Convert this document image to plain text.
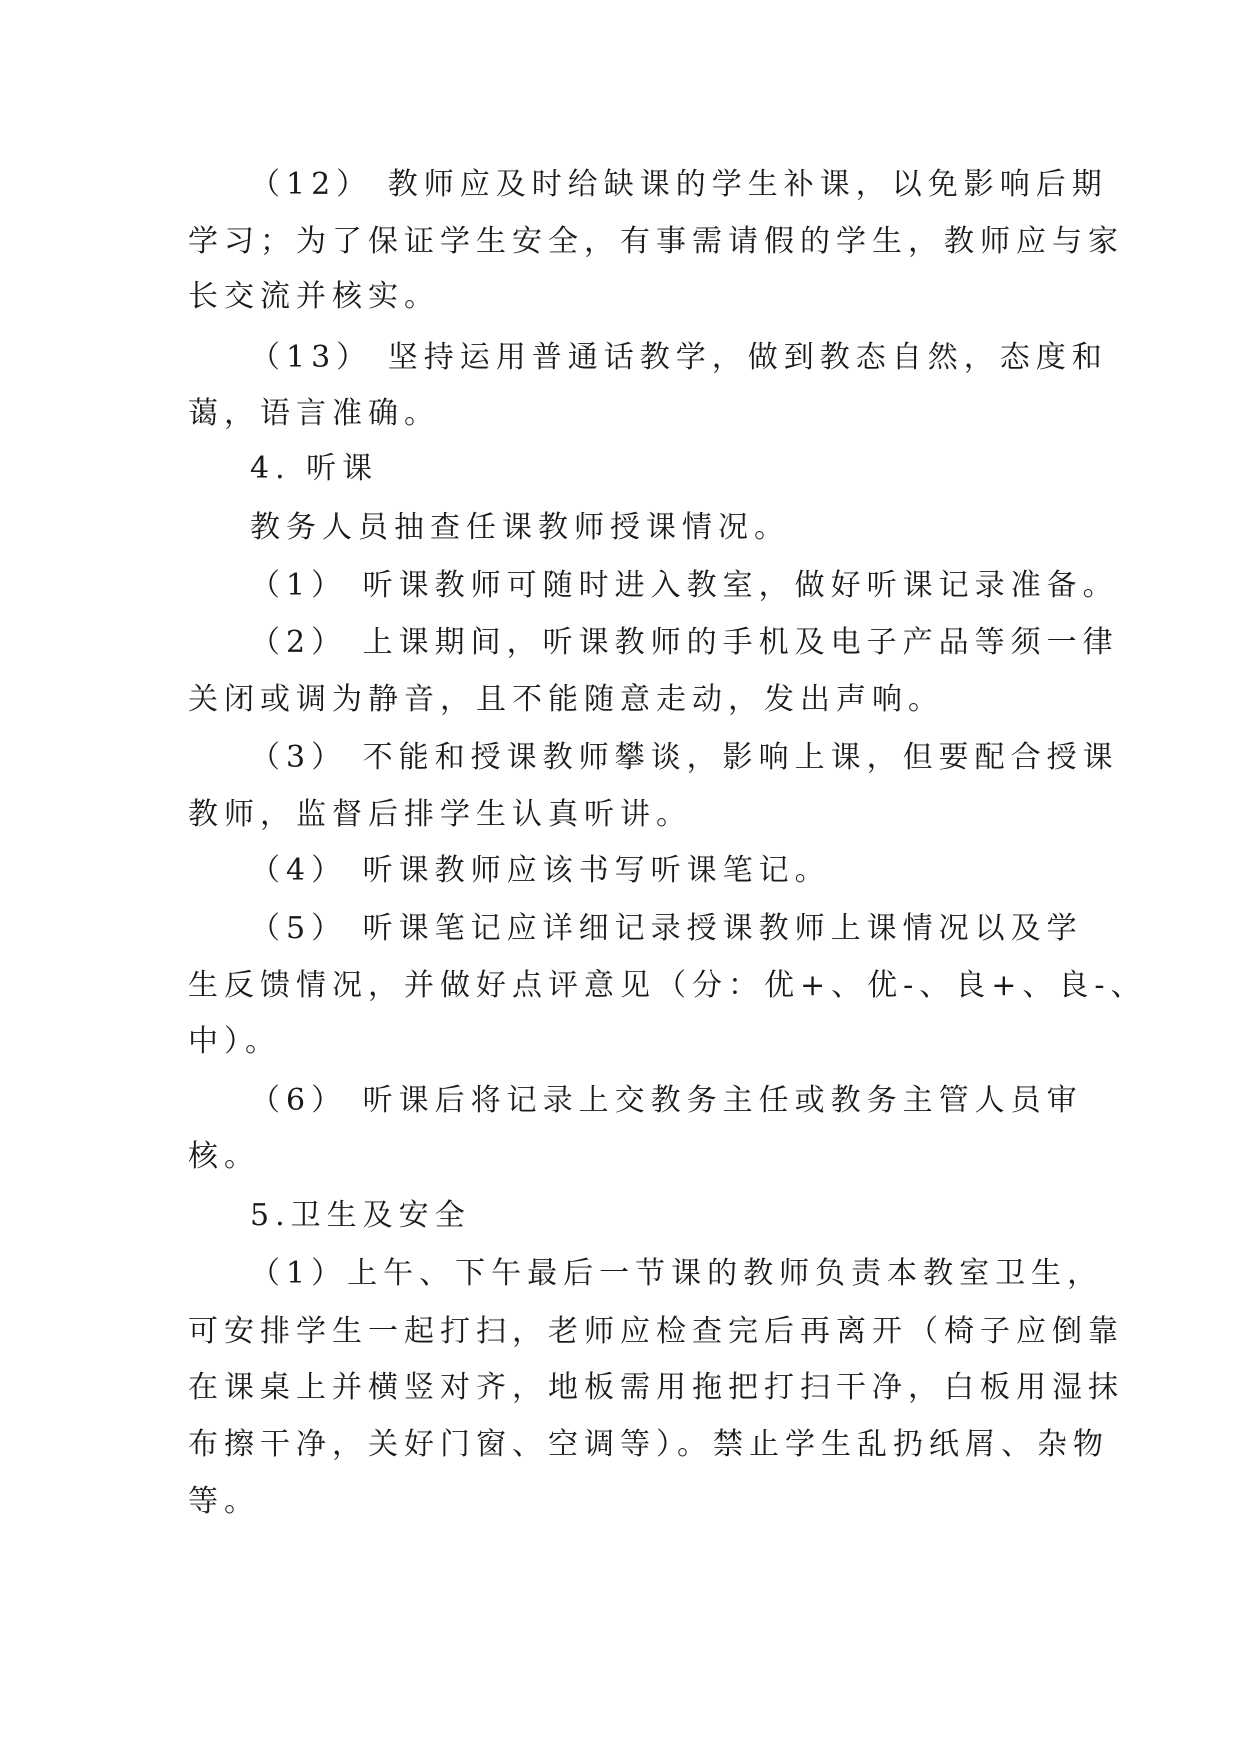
（12） 教师应及时给缺课的学生补课，以免影响后期

学习；为了保证学生安全，有事需请假的学生，教师应与家

长交流并核实。

（13） 坚持运用普通话教学，做到教态自然，态度和

蔼，语言准确。

4. 听课

教务人员抽查任课教师授课情况。

（1） 听课教师可随时进入教室，做好听课记录准备。

（2） 上课期间，听课教师的手机及电子产品等须一律

关闭或调为静音，且不能随意走动，发出声响。

（3） 不能和授课教师攀谈，影响上课，但要配合授课

教师，监督后排学生认真听讲。

（4） 听课教师应该书写听课笔记。

（5） 听课笔记应详细记录授课教师上课情况以及学

生反馈情况，并做好点评意见（分：优+、优-、良+、良-、

中）。

（6） 听课后将记录上交教务主任或教务主管人员审

核。

5.卫生及安全

（1）上午、下午最后一节课的教师负责本教室卫生，

可安排学生一起打扫，老师应检查完后再离开（椅子应倒靠

在课桌上并横竖对齐，地板需用拖把打扫干净，白板用湿抹

布擦干净，关好门窗、空调等）。禁止学生乱扔纸屑、杂物

等。
